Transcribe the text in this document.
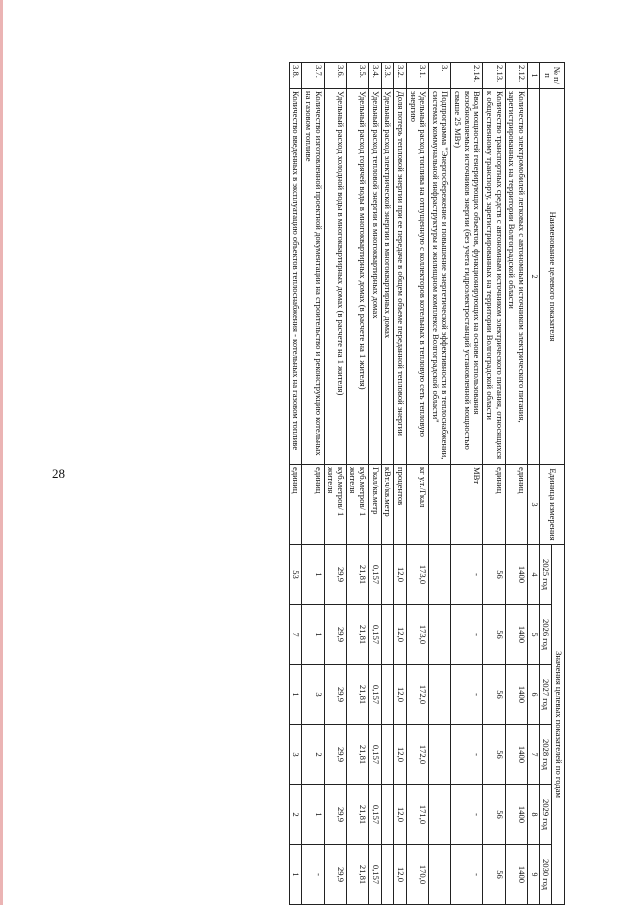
28
№ п/п	Наименование целевого показателя	Единица измерения	Значения целевых показателей по годам					
			2025 год	2026 год	2027 год	2028 год	2029 год	2030 год
1	2	3	4	5	6	7	8	9
2.12.	Количество электромобилей легковых с автономным источником электрического питания, зарегистрированных на территории Волгоградской области	единиц	1400	1400	1400	1400	1400	1400
2.13.	Количество транспортных средств с автономным источником электрического питания, относящихся к общественному транспорту, зарегистрированных на территории Волгоградской области	единиц	56	56	56	56	56	56
2.14.	Ввод мощностей генерирующих объектов, функционирующих на основе использования возобновляемых источников энергии (без учета гидроэлектростанций установленной мощностью свыше 25 МВт)	МВт	-	-	-	-	-	-
3.	Подпрограмма "Энергосбережение и повышение энергетической эффективности в теплоснабжении, системах коммунальной инфраструктуры и жилищном комплексе Волгоградской области"							
3.1.	Удельный расход топлива на отпущенную с коллекторов котельных в тепловую сеть тепловую энергию	кг у.т./Гкал	173,0	173,0	172,0	172,0	171,0	170,0
3.2.	Доля потерь тепловой энергии при ее передаче в общем объеме переданной тепловой энергии	процентов	12,0	12,0	12,0	12,0	12,0	12,0
3.3.	Удельный расход электрической энергии в многоквартирных домах	кВт.ч/кв.метр						
3.4.	Удельный расход тепловой энергии в многоквартирных домах	Гкал/кв.метр	0,157	0,157	0,157	0,157	0,157	0,157
3.5.	Удельный расход горячей воды в многоквартирных домах (в расчете на 1 жителя)	куб.метров/ 1 жителя	21,81	21,81	21,81	21,81	21,81	21,81
3.6.	Удельный расход холодной воды в многоквартирных домах (в расчете на 1 жителя)	куб.метров/ 1 жителя	29,9	29,9	29,9	29,9	29,9	29,9
3.7.	Количество изготовленной проектной документации на строительство и реконструкцию котельных на газовом топливе	единиц	1	1	3	2	1	-
3.8.	Количество введенных в эксплуатацию объектов теплоснабжения - котельных на газовом топливе	единиц	53	7	1	3	2	1
